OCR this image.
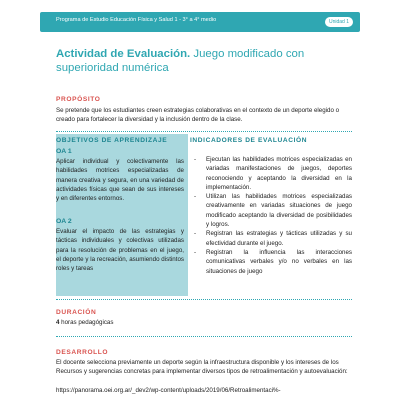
Programa de Estudio Educación Física y Salud 1 - 3° a 4° medio	Unidad 1
Actividad de Evaluación. Juego modificado con superioridad numérica
PROPÓSITO
Se pretende que los estudiantes creen estrategias colaborativas en el contexto de un deporte elegido o creado para fortalecer la diversidad y la inclusión dentro de la clase.
OBJETIVOS DE APRENDIZAJE
OA 1
Aplicar individual y colectivamente las habilidades motrices especializadas de manera creativa y segura, en una variedad de actividades físicas que sean de sus intereses y en diferentes entornos.
OA 2
Evaluar el impacto de las estrategias y tácticas individuales y colectivas utilizadas para la resolución de problemas en el juego, el deporte y la recreación, asumiendo distintos roles y tareas
INDICADORES DE EVALUACIÓN
- Ejecutan las habilidades motrices especializadas en variadas manifestaciones de juegos, deportes reconociendo y aceptando la diversidad en la implementación.
- Utilizan las habilidades motrices especializadas creativamente en variadas situaciones de juego modificado aceptando la diversidad de posibilidades y logros.
- Registran las estrategias y tácticas utilizadas y su efectividad durante el juego.
- Registran la influencia las interacciones comunicativas verbales y/o no verbales en las situaciones de juego
DURACIÓN
4 horas pedagógicas
DESARROLLO
El docente selecciona previamente un deporte según la infraestructura disponible y los intereses de los Recursos y sugerencias concretas para implementar diversos tipos de retroalimentación y autoevaluación:
https://panorama.oei.org.ar/_dev2/wp-content/uploads/2019/06/Retroalimentaci%-
